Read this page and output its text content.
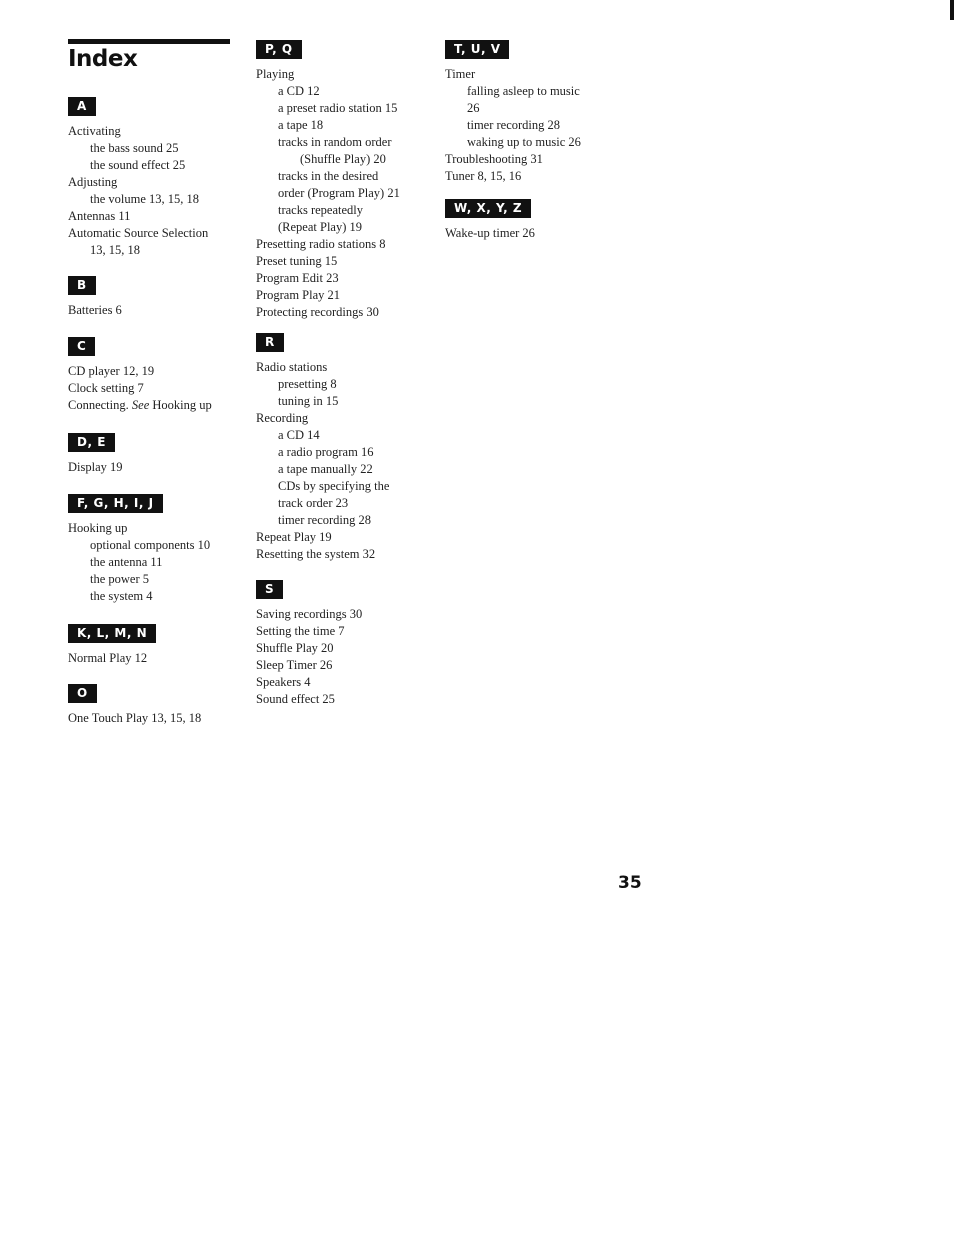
Index
A
Activating
the bass sound 25
the sound effect 25
Adjusting
the volume 13, 15, 18
Antennas 11
Automatic Source Selection
13, 15, 18
B
Batteries 6
C
CD player 12, 19
Clock setting 7
Connecting. See Hooking up
D, E
Display 19
F, G, H, I, J
Hooking up
optional components 10
the antenna 11
the power 5
the system 4
K, L, M, N
Normal Play 12
O
One Touch Play 13, 15, 18
P, Q
Playing
a CD 12
a preset radio station 15
a tape 18
tracks in random order
(Shuffle Play) 20
tracks in the desired
order (Program Play) 21
tracks repeatedly
(Repeat Play) 19
Presetting radio stations 8
Preset tuning 15
Program Edit 23
Program Play 21
Protecting recordings 30
R
Radio stations
presetting 8
tuning in 15
Recording
a CD 14
a radio program 16
a tape manually 22
CDs by specifying the
track order 23
timer recording 28
Repeat Play 19
Resetting the system 32
S
Saving recordings 30
Setting the time 7
Shuffle Play 20
Sleep Timer 26
Speakers 4
Sound effect 25
T, U, V
Timer
falling asleep to music
26
timer recording 28
waking up to music 26
Troubleshooting 31
Tuner 8, 15, 16
W, X, Y, Z
Wake-up timer 26
35
